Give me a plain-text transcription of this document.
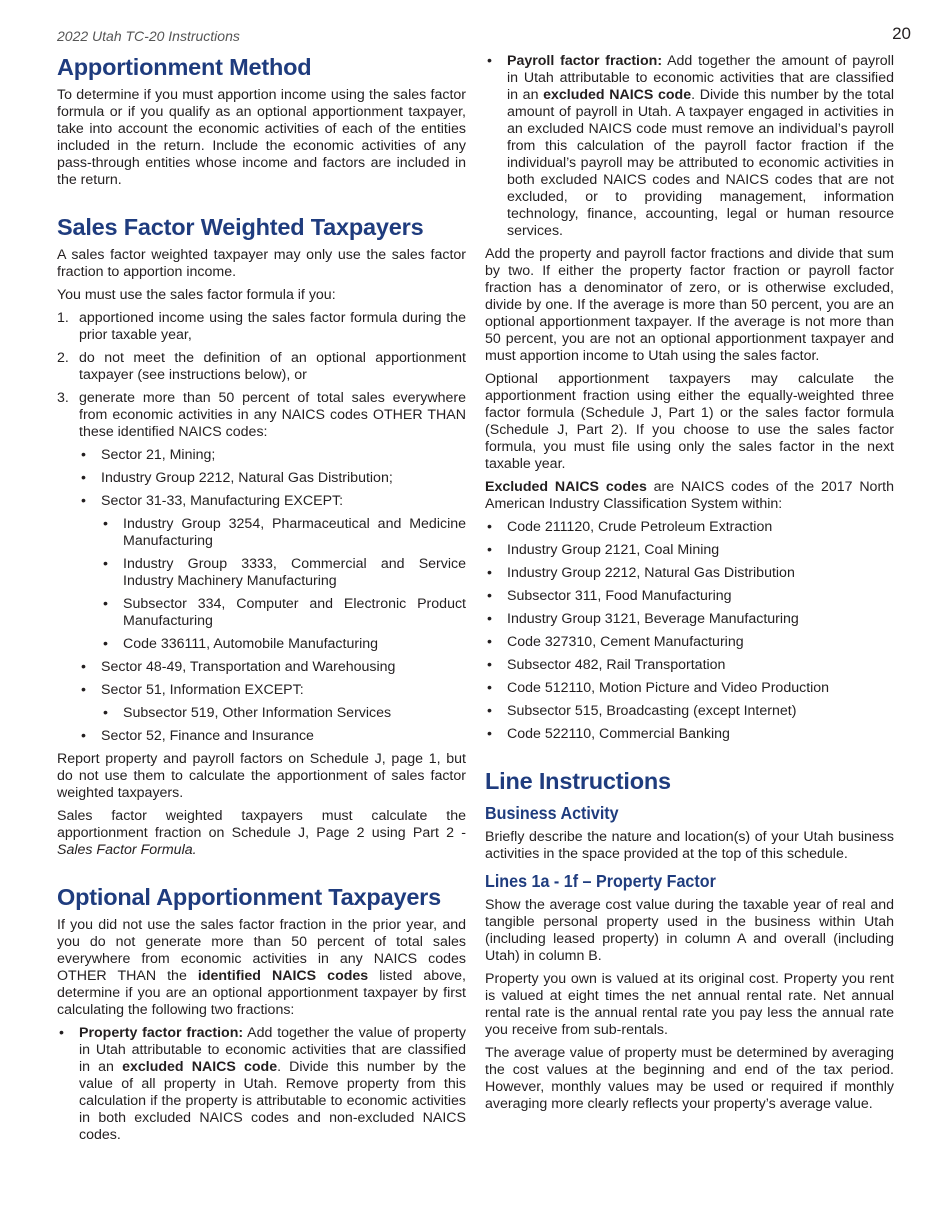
2022 Utah TC-20 Instructions	20
Apportionment Method

To determine if you must apportion income using the sales factor formula or if you qualify as an optional apportionment taxpayer, take into account the economic activities of each of the entities included in the return. Include the economic activities of any pass-through entities whose income and factors are included in the return.

Sales Factor Weighted Taxpayers

A sales factor weighted taxpayer may only use the sales factor fraction to apportion income.

You must use the sales factor formula if you:

1. apportioned income using the sales factor formula during the prior taxable year,
2. do not meet the definition of an optional apportionment taxpayer (see instructions below), or
3. generate more than 50 percent of total sales everywhere from economic activities in any NAICS codes OTHER THAN these identified NAICS codes:
• Sector 21, Mining;
• Industry Group 2212, Natural Gas Distribution;
• Sector 31-33, Manufacturing EXCEPT:
• Industry Group 3254, Pharmaceutical and Medicine Manufacturing
• Industry Group 3333, Commercial and Service Industry Machinery Manufacturing
• Subsector 334, Computer and Electronic Product Manufacturing
• Code 336111, Automobile Manufacturing
• Sector 48-49, Transportation and Warehousing
• Sector 51, Information EXCEPT:
• Subsector 519, Other Information Services
• Sector 52, Finance and Insurance

Report property and payroll factors on Schedule J, page 1, but do not use them to calculate the apportionment of sales factor weighted taxpayers.

Sales factor weighted taxpayers must calculate the apportionment fraction on Schedule J, Page 2 using Part 2 - Sales Factor Formula.

Optional Apportionment Taxpayers

If you did not use the sales factor fraction in the prior year, and you do not generate more than 50 percent of total sales everywhere from economic activities in any NAICS codes OTHER THAN the identified NAICS codes listed above, determine if you are an optional apportionment taxpayer by first calculating the following two fractions:

• Property factor fraction: Add together the value of property in Utah attributable to economic activities that are classified in an excluded NAICS code. Divide this number by the value of all property in Utah. Remove property from this calculation if the property is attributable to economic activities in both excluded NAICS codes and non-excluded NAICS codes.
• Payroll factor fraction: Add together the amount of payroll in Utah attributable to economic activities that are classified in an excluded NAICS code. Divide this number by the total amount of payroll in Utah. A taxpayer engaged in activities in an excluded NAICS code must remove an individual’s payroll from this calculation of the payroll factor fraction if the individual’s payroll may be attributed to economic activities in both excluded NAICS codes and NAICS codes that are not excluded, or to providing management, information technology, finance, accounting, legal or human resource services.

Add the property and payroll factor fractions and divide that sum by two. If either the property factor fraction or payroll factor fraction has a denominator of zero, or is otherwise excluded, divide by one. If the average is more than 50 percent, you are an optional apportionment taxpayer. If the average is not more than 50 percent, you are not an optional apportionment taxpayer and must apportion income to Utah using the sales factor.

Optional apportionment taxpayers may calculate the apportionment fraction using either the equally-weighted three factor formula (Schedule J, Part 1) or the sales factor formula (Schedule J, Part 2). If you choose to use the sales factor formula, you must file using only the sales factor in the next taxable year.

Excluded NAICS codes are NAICS codes of the 2017 North American Industry Classification System within:

• Code 211120, Crude Petroleum Extraction
• Industry Group 2121, Coal Mining
• Industry Group 2212, Natural Gas Distribution
• Subsector 311, Food Manufacturing
• Industry Group 3121, Beverage Manufacturing
• Code 327310, Cement Manufacturing
• Subsector 482, Rail Transportation
• Code 512110, Motion Picture and Video Production
• Subsector 515, Broadcasting (except Internet)
• Code 522110, Commercial Banking
Line Instructions
Business Activity

Briefly describe the nature and location(s) of your Utah business activities in the space provided at the top of this schedule.

Lines 1a - 1f – Property Factor

Show the average cost value during the taxable year of real and tangible personal property used in the business within Utah (including leased property) in column A and overall (including Utah) in column B.

Property you own is valued at its original cost. Property you rent is valued at eight times the net annual rental rate. Net annual rental rate is the annual rental rate you pay less the annual rate you receive from sub-rentals.

The average value of property must be determined by averaging the cost values at the beginning and end of the tax period. However, monthly values may be used or required if monthly averaging more clearly reflects your property’s average value.
